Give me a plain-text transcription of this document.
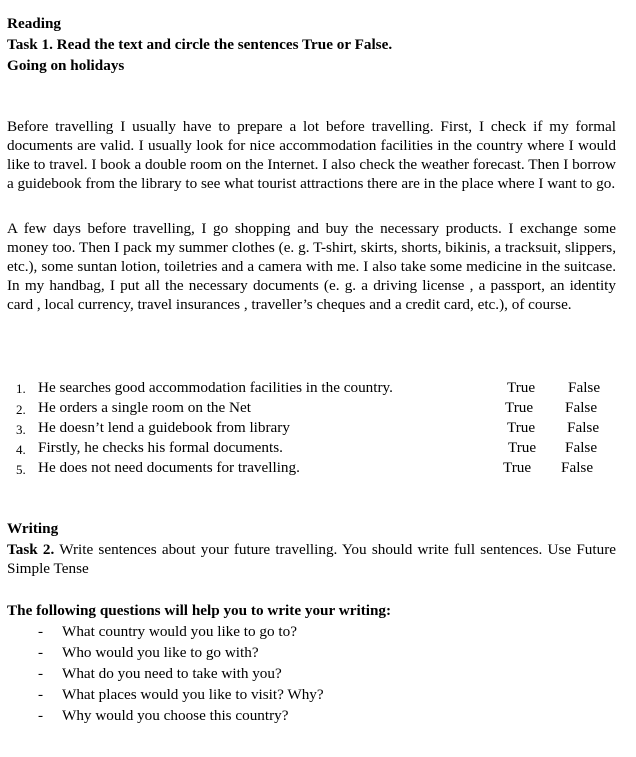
Reading
Task 1. Read the text and circle the sentences True or False.
Going on holidays
Before travelling I usually have to prepare a lot before travelling. First, I check if my formal documents are valid. I usually look for nice accommodation facilities in the country where I would like to travel. I book a double room on the Internet. I also check the weather forecast. Then I borrow a guidebook from the library to see what tourist attractions there are in the place where I want to go.
A few days before travelling, I go shopping and buy the necessary products. I exchange some money too. Then I pack my summer clothes (e. g. T-shirt, skirts, shorts, bikinis, a tracksuit, slippers, etc.), some suntan lotion, toiletries and a camera with me. I also take some medicine in the suitcase. In my handbag, I put all the necessary documents (e. g. a driving license , a passport, an identity card , local currency, travel insurances , traveller’s cheques and a credit card, etc.), of course.
1. He searches good accommodation facilities in the country.	True False
2. He orders a single room on the Net	True False
3. He doesn’t lend a guidebook from library	True False
4. Firstly, he checks his formal documents.	True False
5. He does not need documents for travelling.	True False
Writing
Task 2. Write sentences about your future travelling. You should write full sentences. Use Future Simple Tense
The following questions will help you to write your writing:
- What country would you like to go to?
- Who would you like to go with?
- What do you need to take with you?
- What places would you like to visit? Why?
- Why would you choose this country?
